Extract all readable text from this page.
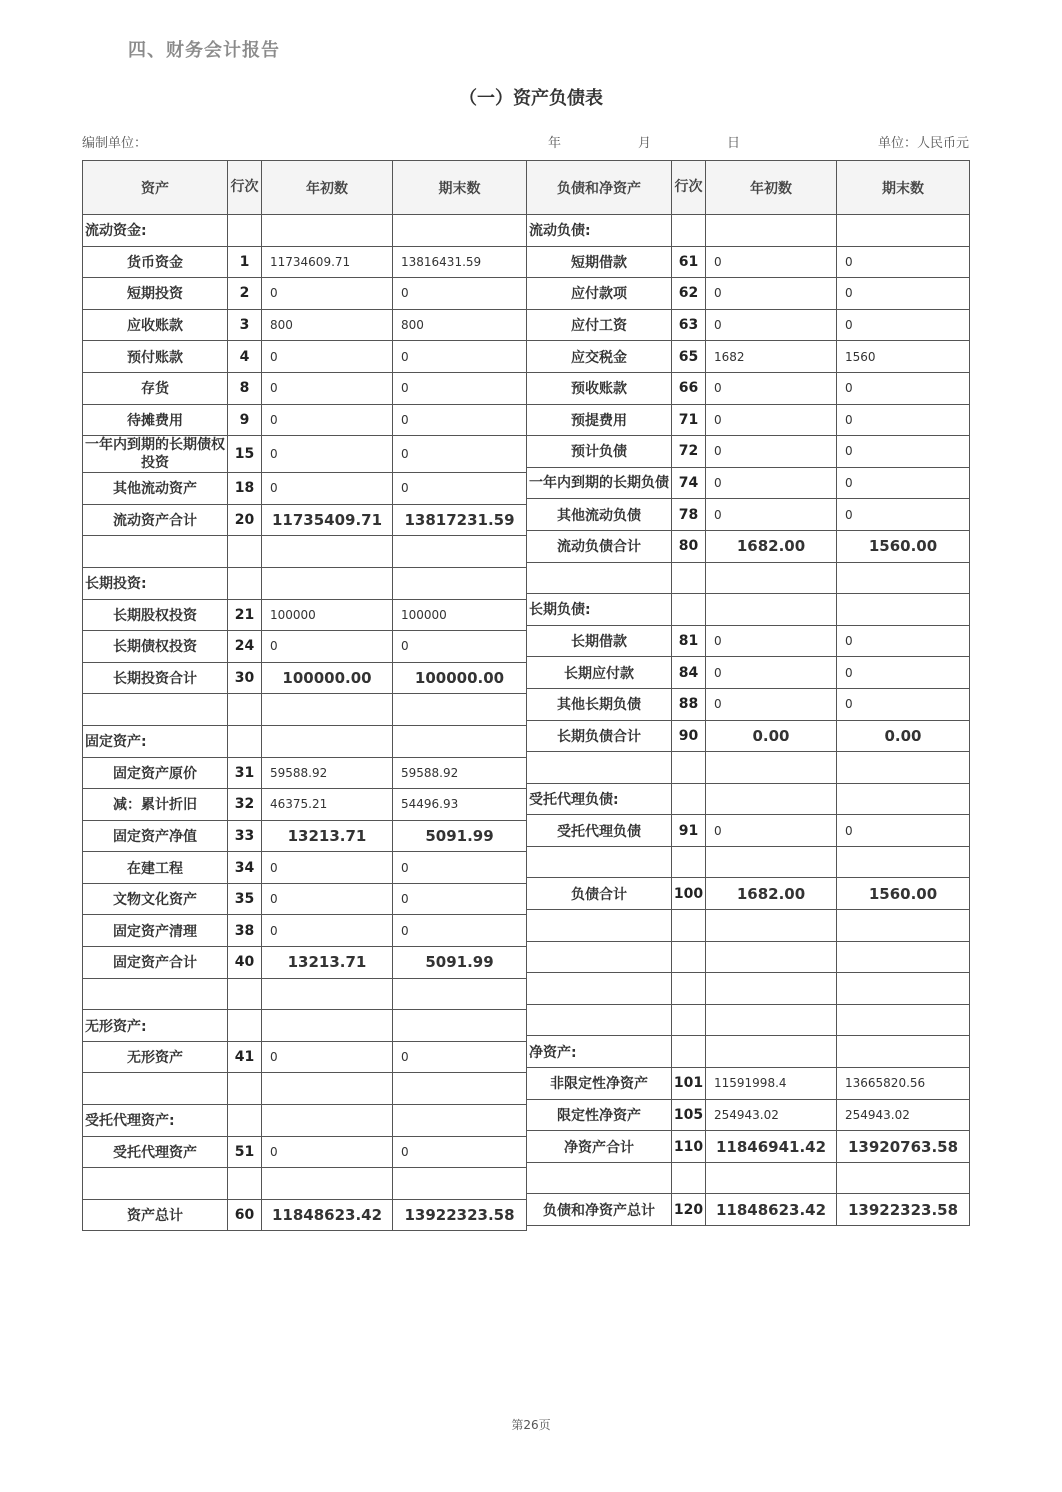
四、财务会计报告
（一）资产负债表
编制单位：	年	月	日	单位：人民币元
资产	行次	年初数	期末数
流动资金:			
货币资金	1	11734609.71	13816431.59
短期投资	2	0	0
应收账款	3	800	800
预付账款	4	0	0
存货	8	0	0
待摊费用	9	0	0
一年内到期的长期债权投资	15	0	0
其他流动资产	18	0	0
流动资产合计	20	11735409.71	13817231.59

长期投资:			
长期股权投资	21	100000	100000
长期债权投资	24	0	0
长期投资合计	30	100000.00	100000.00

固定资产:			
固定资产原价	31	59588.92	59588.92
减：累计折旧	32	46375.21	54496.93
固定资产净值	33	13213.71	5091.99
在建工程	34	0	0
文物文化资产	35	0	0
固定资产清理	38	0	0
固定资产合计	40	13213.71	5091.99

无形资产:			
无形资产	41	0	0

受托代理资产:			
受托代理资产	51	0	0

资产总计	60	11848623.42	13922323.58
负债和净资产	行次	年初数	期末数
流动负债:			
短期借款	61	0	0
应付款项	62	0	0
应付工资	63	0	0
应交税金	65	1682	1560
预收账款	66	0	0
预提费用	71	0	0
预计负债	72	0	0
一年内到期的长期负债	74	0	0
其他流动负债	78	0	0
流动负债合计	80	1682.00	1560.00

长期负债:			
长期借款	81	0	0
长期应付款	84	0	0
其他长期负债	88	0	0
长期负债合计	90	0.00	0.00

受托代理负债:			
受托代理负债	91	0	0

负债合计	100	1682.00	1560.00

净资产:			
非限定性净资产	101	11591998.4	13665820.56
限定性净资产	105	254943.02	254943.02
净资产合计	110	11846941.42	13920763.58

负债和净资产总计	120	11848623.42	13922323.58
第26页
